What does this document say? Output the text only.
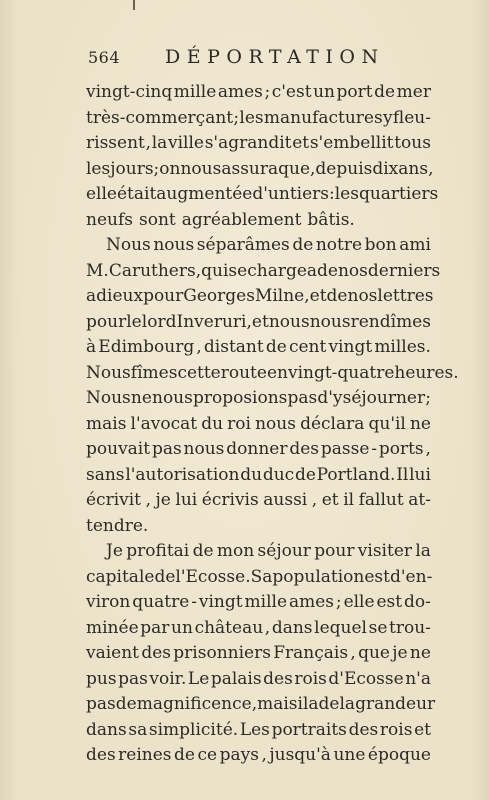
564 DÉPORTATION
vingt-cinq mille ames ; c'est un port de mer
très-commerçant ; les manufactures y fleu-
rissent , la ville s'agrandit et s'embellit tous
les jours; on nous assura que, depuis dix ans,
elle était augmentée d'un tiers : les quartiers
neufs sont agréablement bâtis.
Nous nous séparâmes de notre bon ami
M. Caruthers, qui se chargea de nos derniers
adieux pour Georges Milne, et de nos lettres
pour le lord Inveruri, et nous nous rendîmes
à Edimbourg , distant de cent vingt milles.
Nous fîmes cette route en vingt-quatre heures.
Nous ne nous proposions pas d'y séjourner ;
mais l'avocat du roi nous déclara qu'il ne
pouvait pas nous donner des passe - ports ,
sans l'autorisation du duc de Portland. Il lui
écrivit , je lui écrivis aussi , et il fallut at-
tendre.
Je profitai de mon séjour pour visiter la
capitale de l'Ecosse. Sa population est d'en-
viron quatre - vingt mille ames ; elle est do-
minée par un château , dans lequel se trou-
vaient des prisonniers Français , que je ne
pus pas voir. Le palais des rois d'Ecosse n'a
pas de magnificence , mais il a de la grandeur
dans sa simplicité. Les portraits des rois et
des reines de ce pays , jusqu'à une époque
